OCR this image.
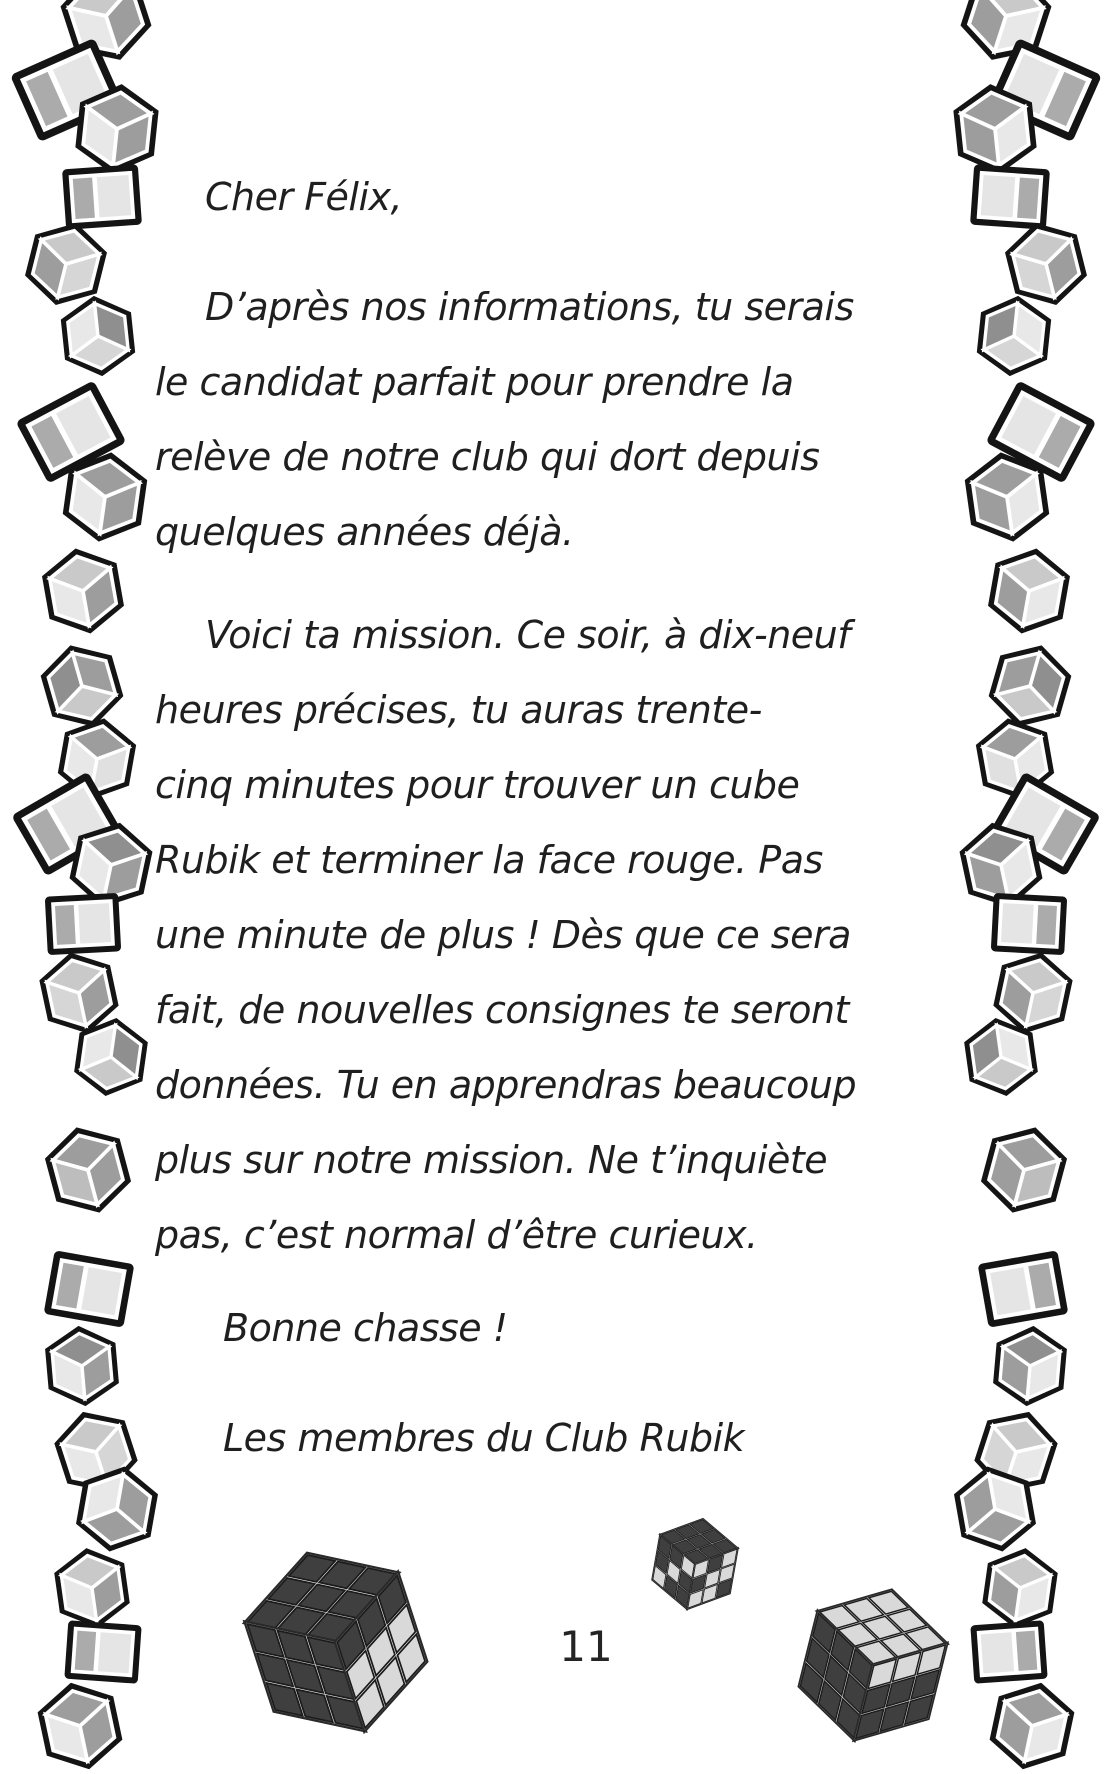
Cher Félix,
D’après nos informations, tu serais
le candidat parfait pour prendre la
relève de notre club qui dort depuis
quelques années déjà.
Voici ta mission. Ce soir, à dix-neuf
heures précises, tu auras trente-
cinq minutes pour trouver un cube
Rubik et terminer la face rouge. Pas
une minute de plus ! Dès que ce sera
fait, de nouvelles consignes te seront
données. Tu en apprendras beaucoup
plus sur notre mission. Ne t’inquiète
pas, c’est normal d’être curieux.
Bonne chasse !
Les membres du Club Rubik
11
